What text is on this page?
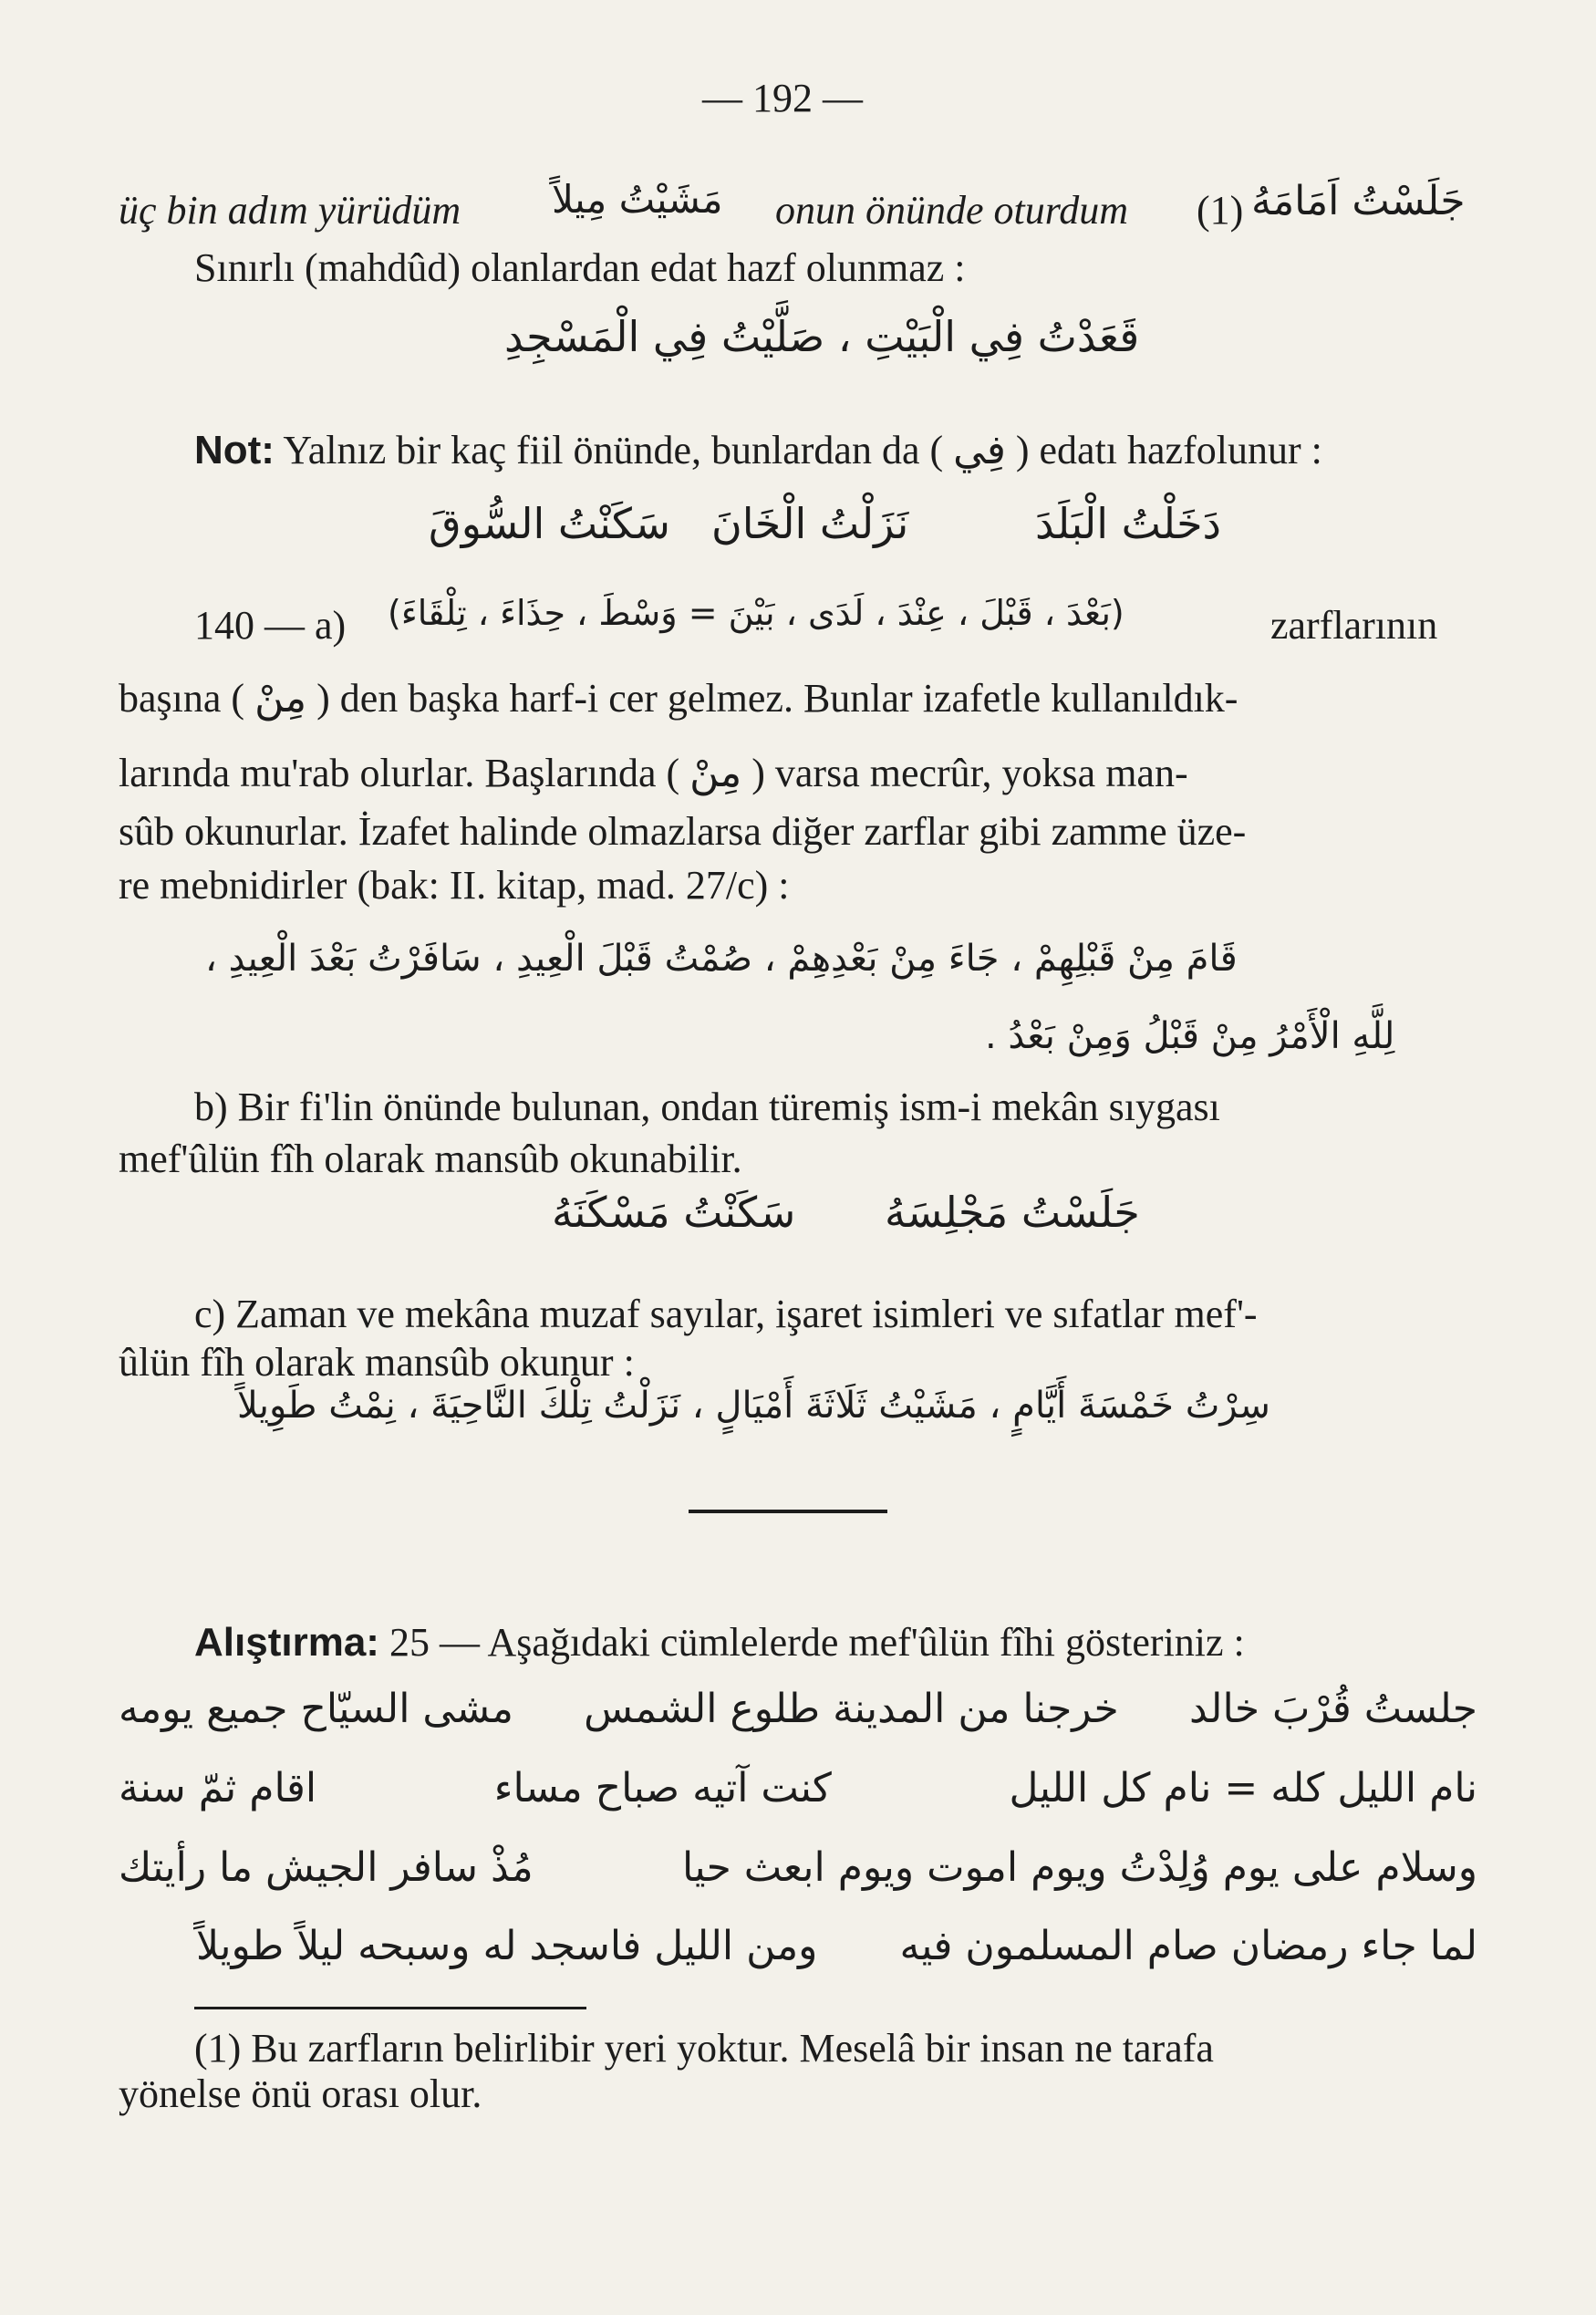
— 192 —
üç bin adım yürüdüm مَشَيْتُ مِيلاً onun önünde oturdum (1) جَلَسْتُ اَمَامَهُ
Sınırlı (mahdûd) olanlardan edat hazf olunmaz :
قَعَدْتُ فِي الْبَيْتِ ، صَلَّيْتُ فِي الْمَسْجِدِ
Not: Yalnız bir kaç fiil önünde, bunlardan da ( فِي ) edatı hazfolunur :
دَخَلْتُ الْبَلَدَ
نَزَلْتُ الْخَانَ
سَكَنْتُ السُّوقَ
140 — a) (بَعْدَ ، قَبْلَ ، عِنْدَ ، لَدَى ، بَيْنَ = وَسْطَ ، حِذَاءَ ، تِلْقَاءَ)	zarflarının
başına ( مِنْ ) den başka harf-i cer gelmez. Bunlar izafetle kullanıldık-
larında mu'rab olurlar. Başlarında ( مِنْ ) varsa mecrûr, yoksa man-
sûb okunurlar. İzafet halinde olmazlarsa diğer zarflar gibi zamme üze-
re mebnidirler (bak: II. kitap, mad. 27/c) :
قَامَ مِنْ قَبْلِهِمْ ، جَاءَ مِنْ بَعْدِهِمْ ، صُمْتُ قَبْلَ الْعِيدِ ، سَافَرْتُ بَعْدَ الْعِيدِ ،
لِلَّهِ الْأَمْرُ مِنْ قَبْلُ وَمِنْ بَعْدُ .
b) Bir fi'lin önünde bulunan, ondan türemiş ism-i mekân sıygası
mef'ûlün fîh olarak mansûb okunabilir.
جَلَسْتُ مَجْلِسَهُ
سَكَنْتُ مَسْكَنَهُ
c) Zaman ve mekâna muzaf sayılar, işaret isimleri ve sıfatlar mef'-
ûlün fîh olarak mansûb okunur :
سِرْتُ خَمْسَةَ أَيَّامٍ ، مَشَيْتُ ثَلَاثَةَ أَمْيَالٍ ، نَزَلْتُ تِلْكَ النَّاحِيَةَ ، نِمْتُ طَوِيلاً
Alıştırma: 25 — Aşağıdaki cümlelerde mef'ûlün fîhi gösteriniz :
جلستُ قُرْبَ خالد
خرجنا من المدينة طلوع الشمس
مشى السيّاح جميع يومه
نام الليل كله = نام كل الليل
كنت آتيه صباح مساء
اقام ثمّ سنة
وسلام على يوم وُلِدْتُ ويوم اموت ويوم ابعث حيا
مُذْ سافر الجيش ما رأيتك
لما جاء رمضان صام المسلمون فيه
ومن الليل فاسجد له وسبحه ليلاً طويلاً
(1) Bu zarfların belirlibir yeri yoktur. Meselâ bir insan ne tarafa
yönelse önü orası olur.
